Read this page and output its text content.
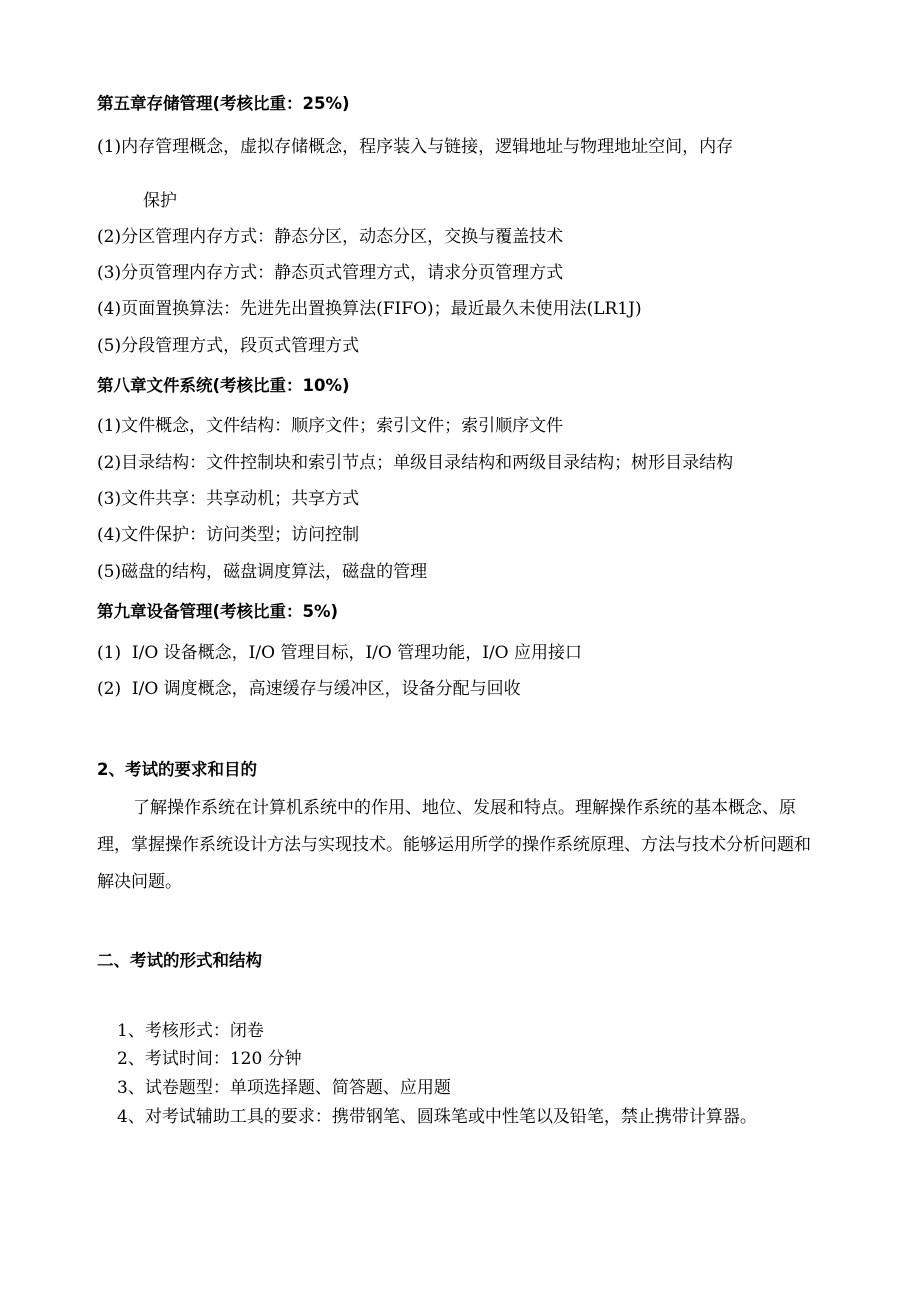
第五章存储管理(考核比重：25%)
(1)内存管理概念，虚拟存储概念，程序装入与链接，逻辑地址与物理地址空间，内存
保护
(2)分区管理内存方式：静态分区，动态分区，交换与覆盖技术
(3)分页管理内存方式：静态页式管理方式，请求分页管理方式
(4)页面置换算法：先进先出置换算法(FIFO)；最近最久未使用法(LR1J)
(5)分段管理方式，段页式管理方式
第八章文件系统(考核比重：10%)
(1)文件概念，文件结构：顺序文件；索引文件；索引顺序文件
(2)目录结构：文件控制块和索引节点；单级目录结构和两级目录结构；树形目录结构
(3)文件共享：共享动机；共享方式
(4)文件保护：访问类型；访问控制
(5)磁盘的结构，磁盘调度算法，磁盘的管理
第九章设备管理(考核比重：5%)
(1)  I/O 设备概念，I/O 管理目标，I/O 管理功能，I/O 应用接口
(2)  I/O 调度概念，高速缓存与缓冲区，设备分配与回收
2、考试的要求和目的
了解操作系统在计算机系统中的作用、地位、发展和特点。理解操作系统的基本概念、原理，掌握操作系统设计方法与实现技术。能够运用所学的操作系统原理、方法与技术分析问题和解决问题。
二、考试的形式和结构
1、考核形式：闭卷
2、考试时间：120 分钟
3、试卷题型：单项选择题、简答题、应用题
4、对考试辅助工具的要求：携带钢笔、圆珠笔或中性笔以及铅笔，禁止携带计算器。
